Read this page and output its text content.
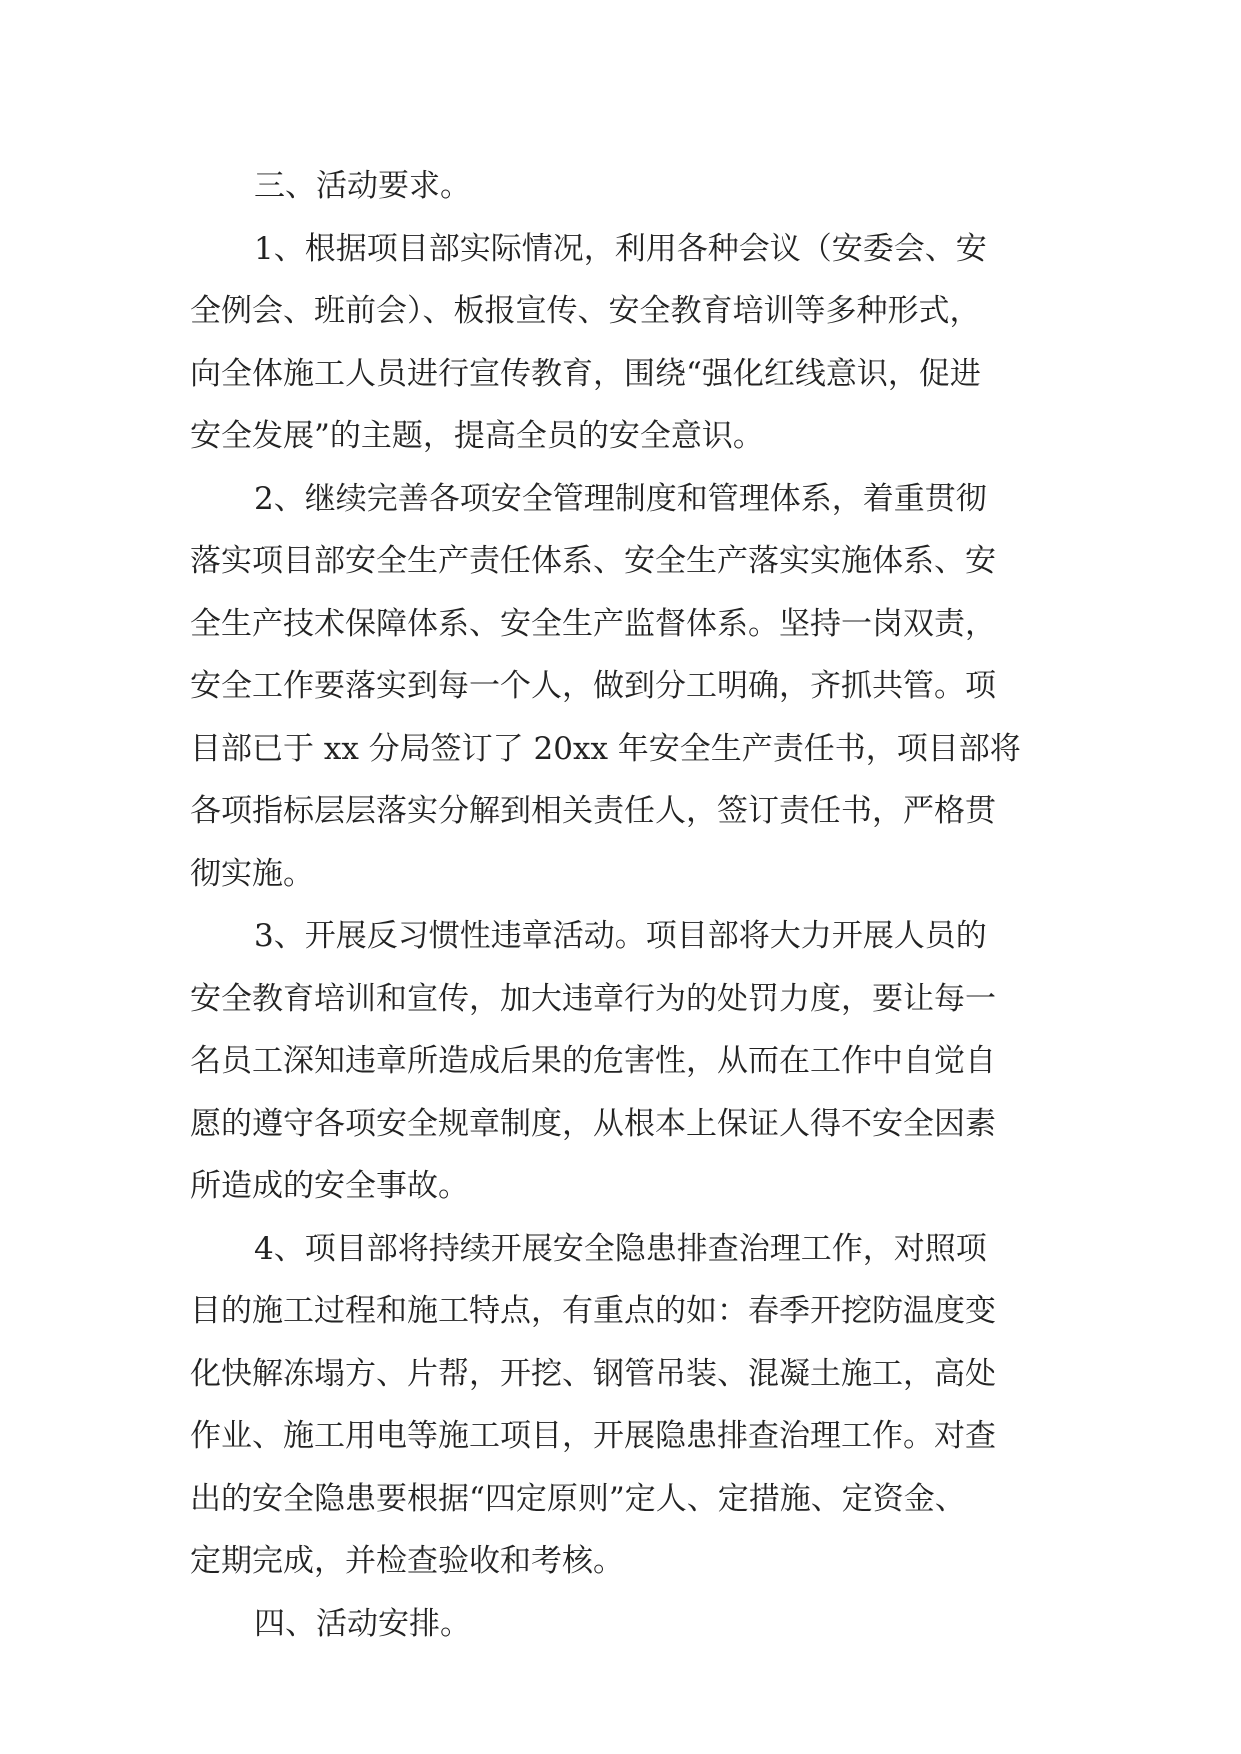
三、活动要求。
1、根据项目部实际情况，利用各种会议（安委会、安
全例会、班前会）、板报宣传、安全教育培训等多种形式，
向全体施工人员进行宣传教育，围绕“强化红线意识，促进
安全发展”的主题，提高全员的安全意识。
2、继续完善各项安全管理制度和管理体系，着重贯彻
落实项目部安全生产责任体系、安全生产落实实施体系、安
全生产技术保障体系、安全生产监督体系。坚持一岗双责，
安全工作要落实到每一个人，做到分工明确，齐抓共管。项
目部已于 xx 分局签订了 20xx 年安全生产责任书，项目部将
各项指标层层落实分解到相关责任人，签订责任书，严格贯
彻实施。
3、开展反习惯性违章活动。项目部将大力开展人员的
安全教育培训和宣传，加大违章行为的处罚力度，要让每一
名员工深知违章所造成后果的危害性，从而在工作中自觉自
愿的遵守各项安全规章制度，从根本上保证人得不安全因素
所造成的安全事故。
4、项目部将持续开展安全隐患排查治理工作，对照项
目的施工过程和施工特点，有重点的如：春季开挖防温度变
化快解冻塌方、片帮，开挖、钢管吊装、混凝土施工，高处
作业、施工用电等施工项目，开展隐患排查治理工作。对查
出的安全隐患要根据“四定原则”定人、定措施、定资金、
定期完成，并检查验收和考核。
四、活动安排。
